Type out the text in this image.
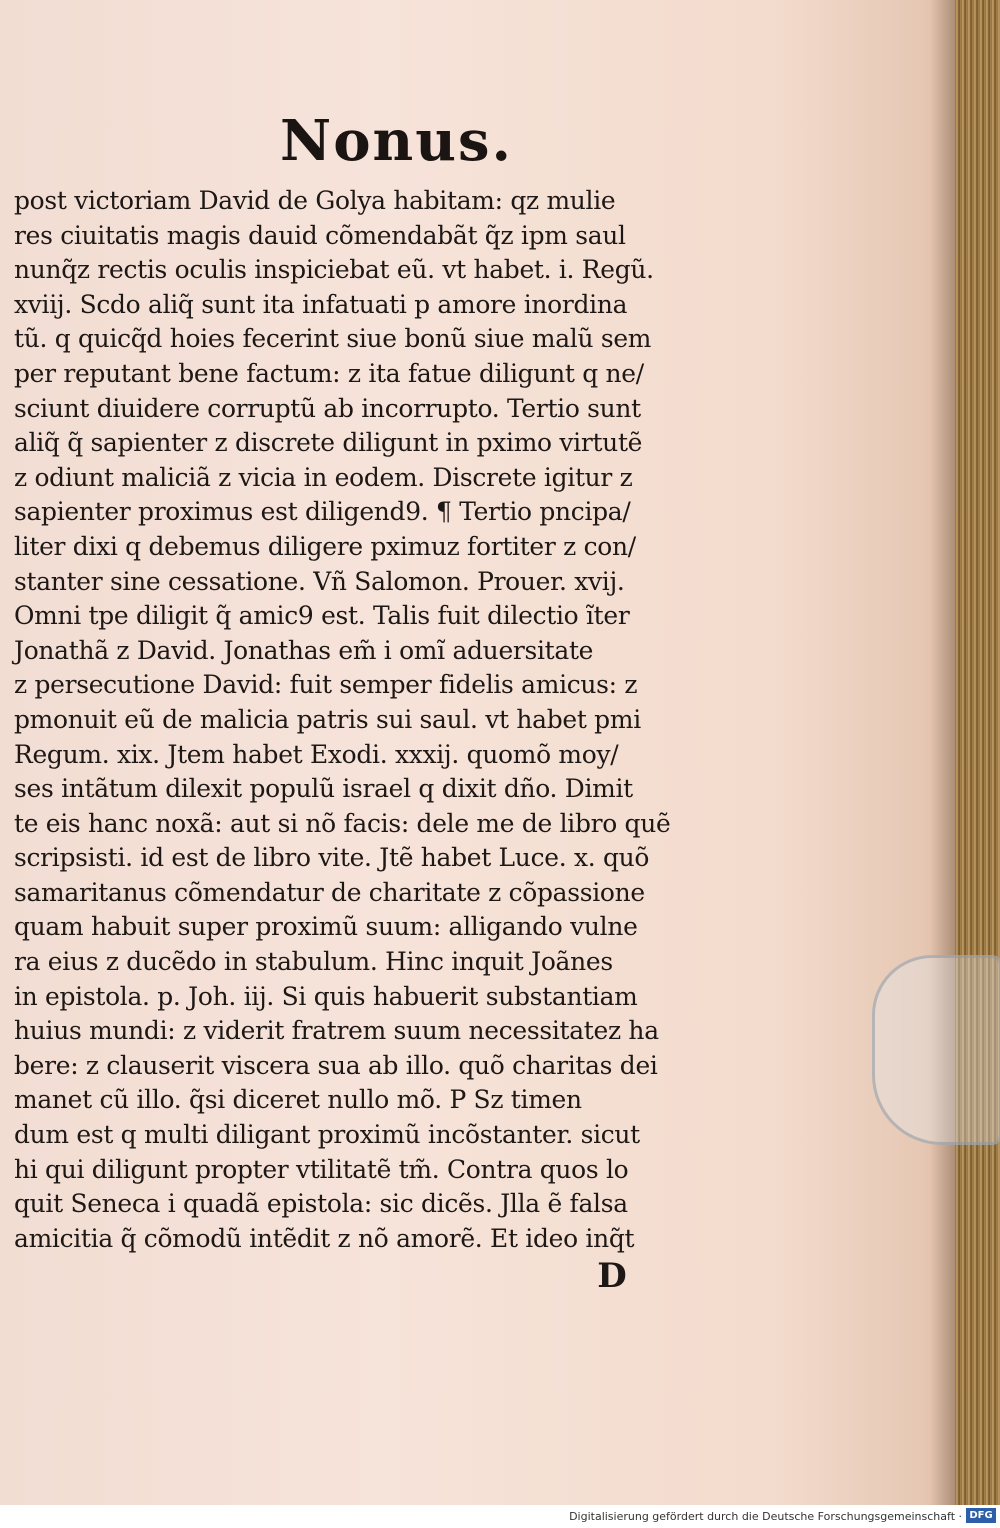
Nonus.
post victoriam David de Golya habitam: qz mulie
res ciuitatis magis dauid cõmendabãt q̃z ipm saul
nunq̃z rectis oculis inspiciebat eũ. vt habet. i. Regũ.
xviij. Scdo aliq̃ sunt ita infatuati p amore inordina
tũ. q quicq̃d hoies fecerint siue bonũ siue malũ sem
per reputant bene factum: z ita fatue diligunt q ne/
sciunt diuidere corruptũ ab incorrupto. Tertio sunt
aliq̃ q̃ sapienter z discrete diligunt in pximo virtutẽ
z odiunt maliciã z vicia in eodem. Discrete igitur z
sapienter proximus est diligend9. ¶ Tertio pncipa/
liter dixi q debemus diligere pximuz fortiter z con/
stanter sine cessatione. Vñ Salomon. Prouer. xvij.
Omni tpe diligit q̃ amic9 est. Talis fuit dilectio ĩter
Jonathã z David. Jonathas em̃ i omĩ aduersitate
z persecutione David: fuit semper fidelis amicus: z
pmonuit eũ de malicia patris sui saul. vt habet pmi
Regum. xix. Jtem habet Exodi. xxxij. quomõ moy/
ses intãtum dilexit populũ israel q dixit dño. Dimit
te eis hanc noxã: aut si nõ facis: dele me de libro quẽ
scripsisti. id est de libro vite. Jtẽ habet Luce. x. quõ
samaritanus cõmendatur de charitate z cõpassione
quam habuit super proximũ suum: alligando vulne
ra eius z ducẽdo in stabulum. Hinc inquit Joãnes
in epistola. p. Joh. iij. Si quis habuerit substantiam
huius mundi: z viderit fratrem suum necessitatez ha
bere: z clauserit viscera sua ab illo. quõ charitas dei
manet cũ illo. q̃si diceret nullo mõ. P Sz timen
dum est q multi diligant proximũ incõstanter. sicut
hi qui diligunt propter vtilitatẽ tm̃. Contra quos lo
quit Seneca i quadã epistola: sic dicẽs. Jlla ẽ falsa
amicitia q̃ cõmodũ intẽdit z nõ amorẽ. Et ideo inq̃t
D
Digitalisierung gefördert durch die Deutsche Forschungsgemeinschaft · DFG
